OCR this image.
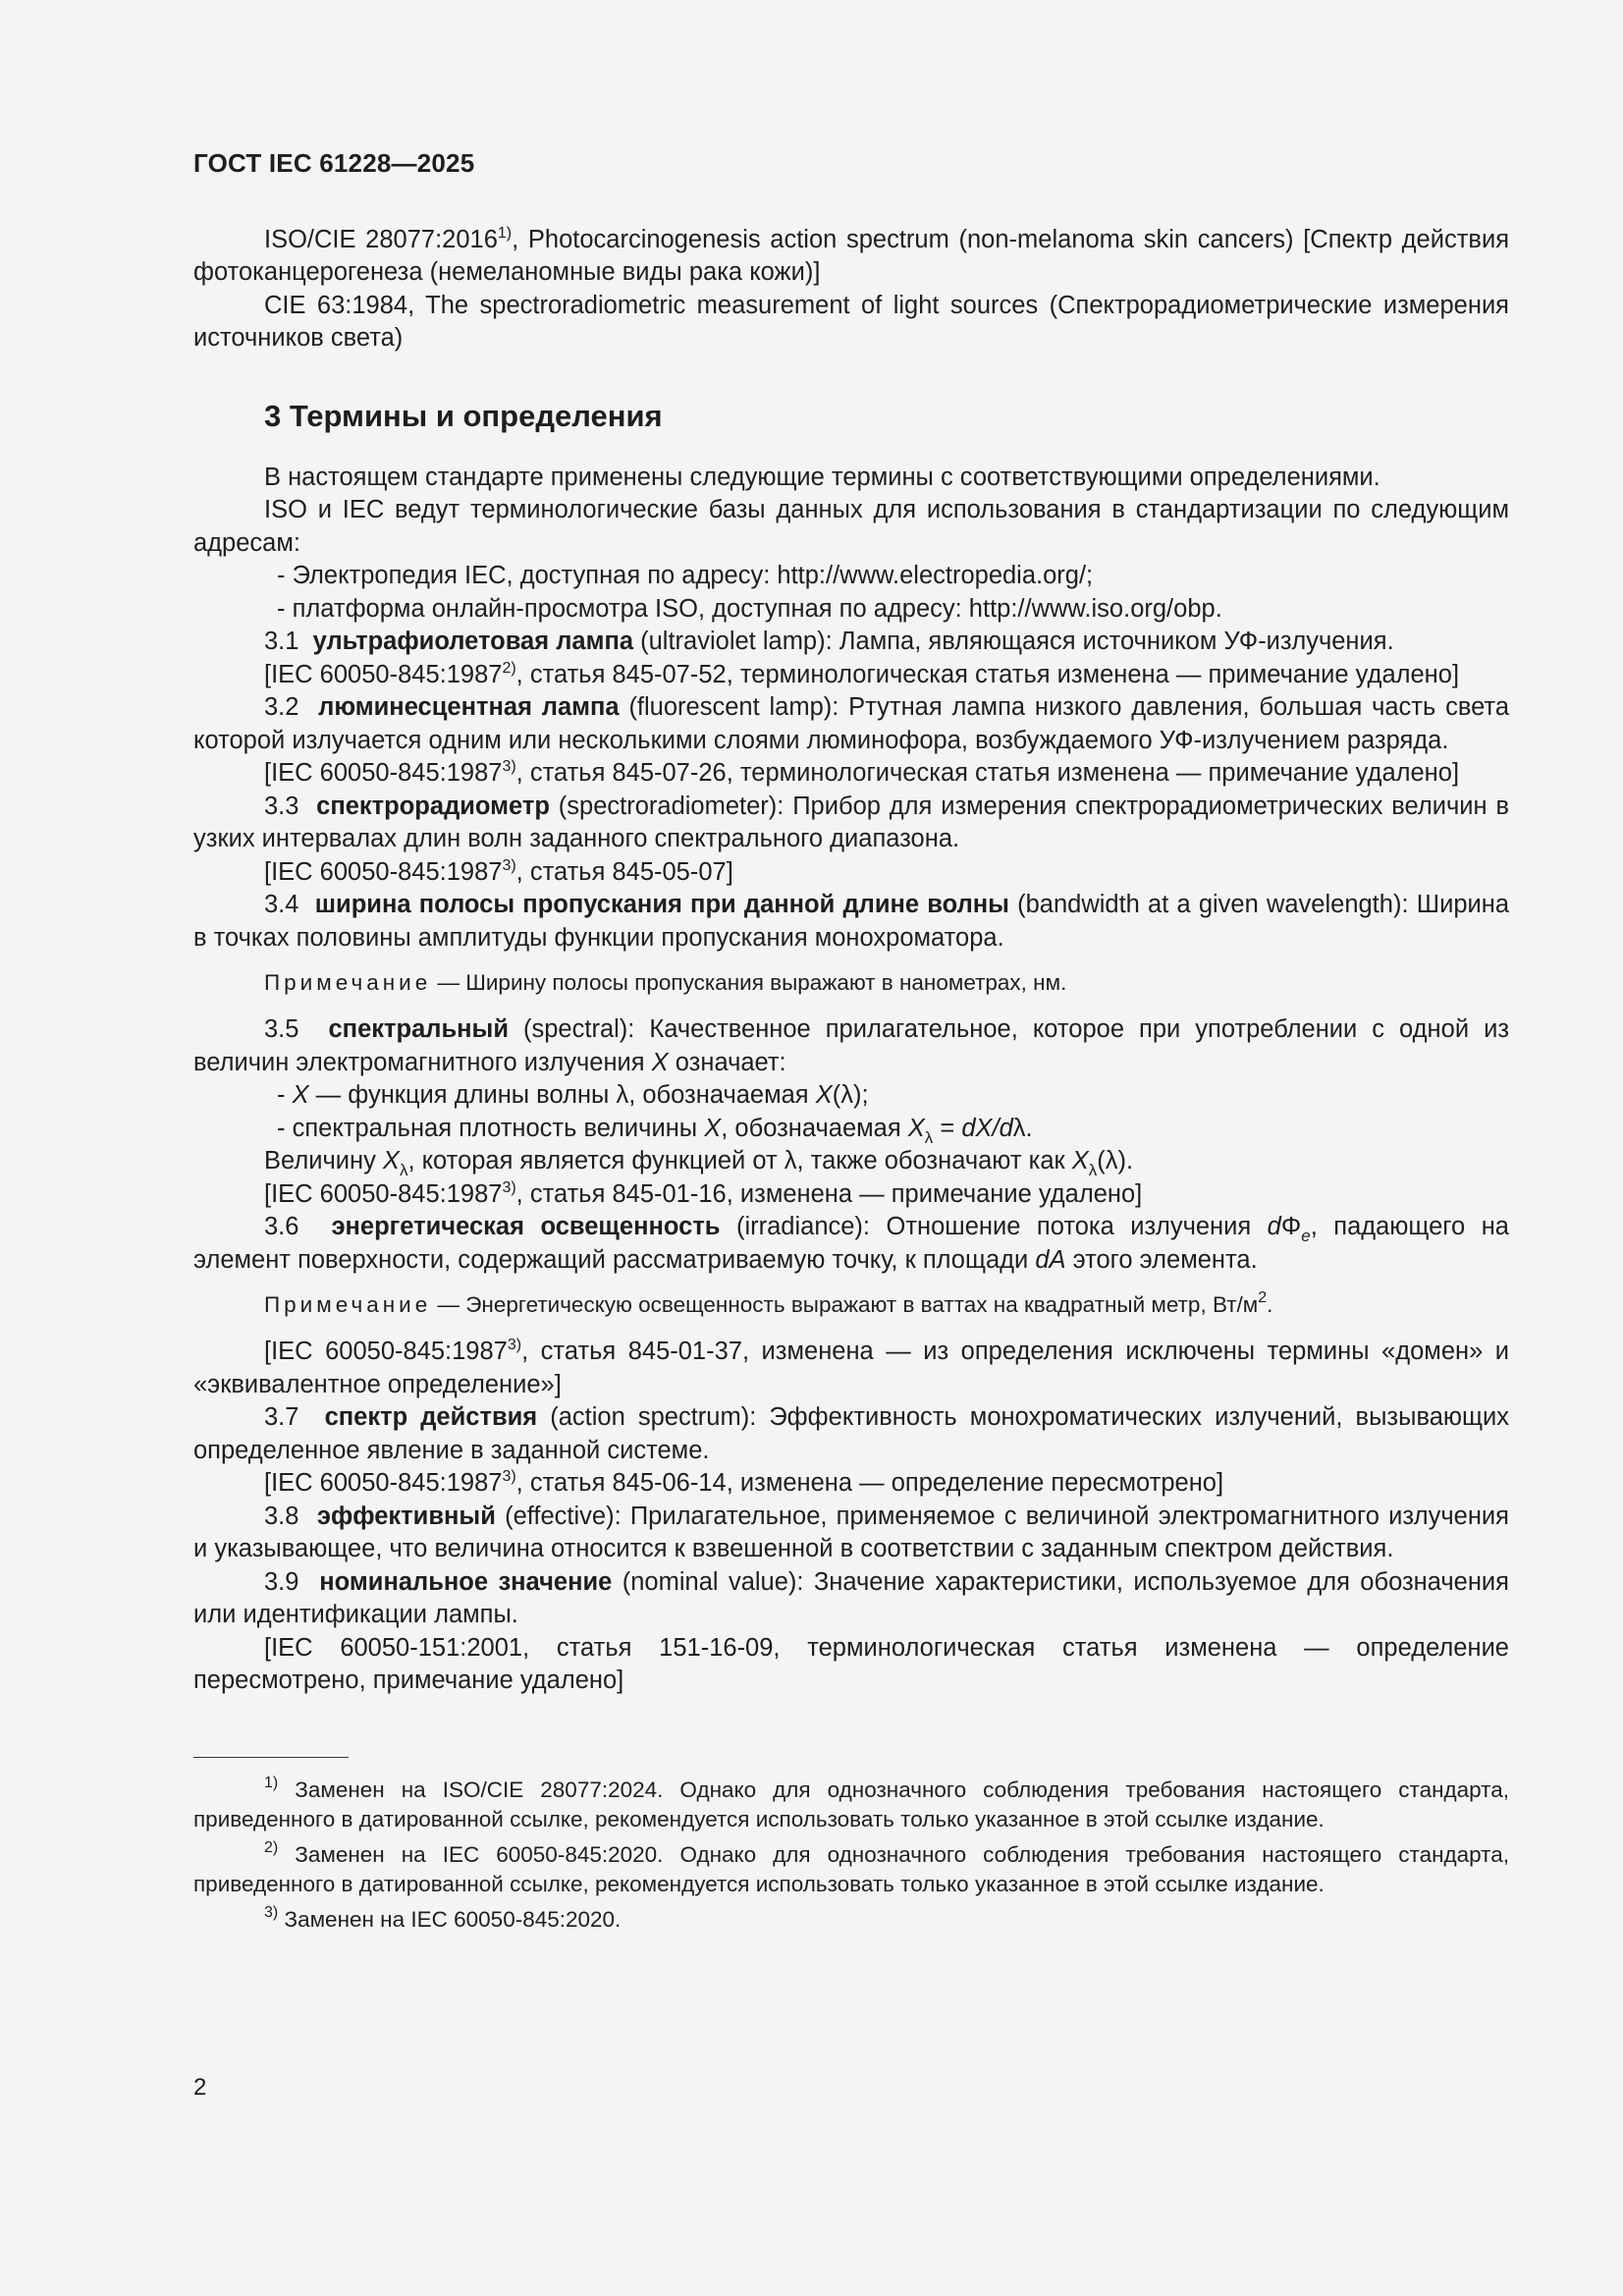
ГОСТ IEC 61228—2025

ISO/CIE 28077:2016$^{1)}$, Photocarcinogenesis action spectrum (non-melanoma skin cancers) [Спектр действия фотоканцерогенеза (немеланомные виды рака кожи)]

CIE 63:1984, The spectroradiometric measurement of light sources (Спектрорадиометрические измерения источников света)

3 Термины и определения

В настоящем стандарте применены следующие термины с соответствующими определениями.

ISO и IEC ведут терминологические базы данных для использования в стандартизации по следующим адресам:

- Электропедия IEC, доступная по адресу: http://www.electropedia.org/;

- платформа онлайн-просмотра ISO, доступная по адресу: http://www.iso.org/obp.

3.1 ультрафиолетовая лампа (ultraviolet lamp): Лампа, являющаяся источником УФ-излучения.

[IEC 60050-845:1987$^{2)}$, статья 845-07-52, терминологическая статья изменена — примечание удалено]

3.2 люминесцентная лампа (fluorescent lamp): Ртутная лампа низкого давления, большая часть света которой излучается одним или несколькими слоями люминофора, возбуждаемого УФ-излучением разряда.

[IEC 60050-845:1987$^{3)}$, статья 845-07-26, терминологическая статья изменена — примечание удалено]

3.3 спектрорадиометр (spectroradiometer): Прибор для измерения спектрорадиометрических величин в узких интервалах длин волн заданного спектрального диапазона.

[IEC 60050-845:1987$^{3)}$, статья 845-05-07]

3.4 ширина полосы пропускания при данной длине волны (bandwidth at a given wavelength): Ширина в точках половины амплитуды функции пропускания монохроматора.

Примечание — Ширину полосы пропускания выражают в нанометрах, нм.

3.5 спектральный (spectral): Качественное прилагательное, которое при употреблении с одной из величин электромагнитного излучения X означает:

- X — функция длины волны λ, обозначаемая X(λ);

- спектральная плотность величины X, обозначаемая $X_\lambda = dX/d\lambda$.

Величину $X_\lambda$, которая является функцией от λ, также обозначают как $X_\lambda(\lambda)$.

[IEC 60050-845:1987$^{3)}$, статья 845-01-16, изменена — примечание удалено]

3.6 энергетическая освещенность (irradiance): Отношение потока излучения $d\Phi_e$, падающего на элемент поверхности, содержащий рассматриваемую точку, к площади dA этого элемента.

Примечание — Энергетическую освещенность выражают в ваттах на квадратный метр, $Вт/м^2$.

[IEC 60050-845:1987$^{3)}$, статья 845-01-37, изменена — из определения исключены термины «домен» и «эквивалентное определение»]

3.7 спектр действия (action spectrum): Эффективность монохроматических излучений, вызывающих определенное явление в заданной системе.

[IEC 60050-845:1987$^{3)}$, статья 845-06-14, изменена — определение пересмотрено]

3.8 эффективный (effective): Прилагательное, применяемое с величиной электромагнитного излучения и указывающее, что величина относится к взвешенной в соответствии с заданным спектром действия.

3.9 номинальное значение (nominal value): Значение характеристики, используемое для обозначения или идентификации лампы.

[IEC 60050-151:2001, статья 151-16-09, терминологическая статья изменена — определение пересмотрено, примечание удалено]

$^{1)}$ Заменен на ISO/CIE 28077:2024. Однако для однозначного соблюдения требования настоящего стандарта, приведенного в датированной ссылке, рекомендуется использовать только указанное в этой ссылке издание.

$^{2)}$ Заменен на IEC 60050-845:2020. Однако для однозначного соблюдения требования настоящего стандарта, приведенного в датированной ссылке, рекомендуется использовать только указанное в этой ссылке издание.

$^{3)}$ Заменен на IEC 60050-845:2020.

2
